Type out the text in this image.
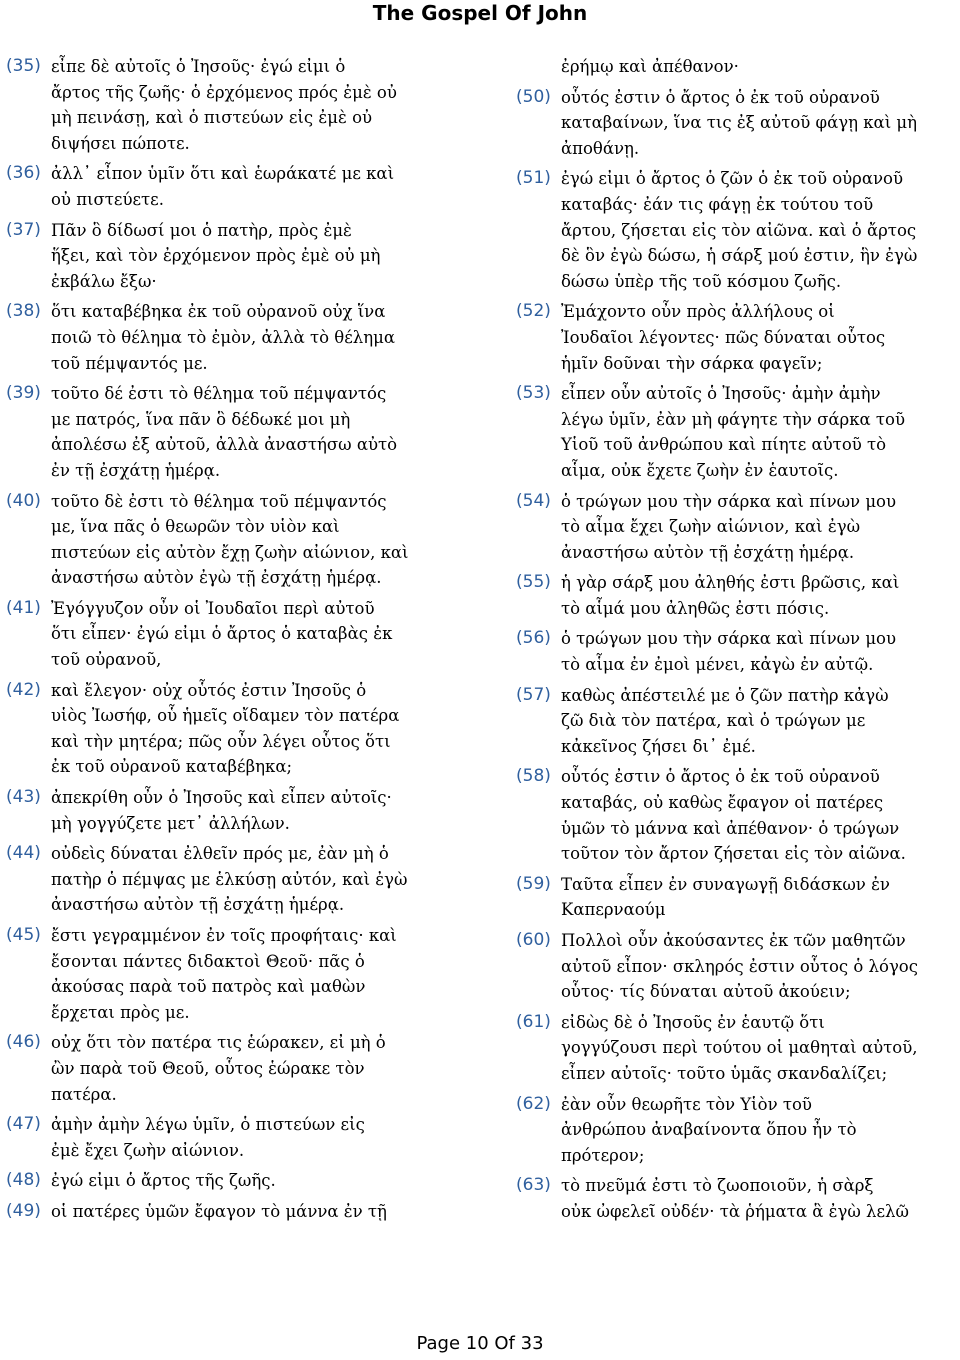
The Gospel Of John
(35) εἶπε δὲ αὐτοῖς ὁ Ἰησοῦς· ἐγώ εἰμι ὁ
ἄρτος τῆς ζωῆς· ὁ ἐρχόμενος πρός ἐμὲ οὐ
μὴ πεινάσῃ, καὶ ὁ πιστεύων εἰς ἐμὲ οὐ
διψήσει πώποτε.
(36) ἀλλ᾽ εἶπον ὑμῖν ὅτι καὶ ἑωράκατέ με καὶ
οὐ πιστεύετε.
(37) Πᾶν ὃ δίδωσί μοι ὁ πατὴρ, πρὸς ἐμὲ
ἥξει, καὶ τὸν ἐρχόμενον πρὸς ἐμὲ οὐ μὴ
ἐκβάλω ἔξω·
(38) ὅτι καταβέβηκα ἐκ τοῦ οὐρανοῦ οὐχ ἵνα
ποιῶ τὸ θέλημα τὸ ἐμὸν, ἀλλὰ τὸ θέλημα
τοῦ πέμψαντός με.
(39) τοῦτο δέ ἐστι τὸ θέλημα τοῦ πέμψαντός
με πατρός, ἵνα πᾶν ὃ δέδωκέ μοι μὴ
ἀπολέσω ἐξ αὐτοῦ, ἀλλὰ ἀναστήσω αὐτὸ
ἐν τῇ ἐσχάτῃ ἡμέρᾳ.
(40) τοῦτο δὲ ἐστι τὸ θέλημα τοῦ πέμψαντός
με, ἵνα πᾶς ὁ θεωρῶν τὸν υἱὸν καὶ
πιστεύων εἰς αὐτὸν ἔχῃ ζωὴν αἰώνιον, καὶ
ἀναστήσω αὐτὸν ἐγὼ τῇ ἐσχάτῃ ἡμέρᾳ.
(41) Ἐγόγγυζον οὖν οἱ Ἰουδαῖοι περὶ αὐτοῦ
ὅτι εἶπεν· ἐγώ εἰμι ὁ ἄρτος ὁ καταβὰς ἐκ
τοῦ οὐρανοῦ,
(42) καὶ ἔλεγον· οὐχ οὗτός ἐστιν Ἰησοῦς ὁ
υἱὸς Ἰωσήφ, οὗ ἡμεῖς οἴδαμεν τὸν πατέρα
καὶ τὴν μητέρα; πῶς οὖν λέγει οὗτος ὅτι
ἐκ τοῦ οὐρανοῦ καταβέβηκα;
(43) ἀπεκρίθη οὖν ὁ Ἰησοῦς καὶ εἶπεν αὐτοῖς·
μὴ γογγύζετε μετ᾽ ἀλλήλων.
(44) οὐδεὶς δύναται ἐλθεῖν πρός με, ἐὰν μὴ ὁ
πατὴρ ὁ πέμψας με ἑλκύσῃ αὐτόν, καὶ ἐγὼ
ἀναστήσω αὐτὸν τῇ ἐσχάτῃ ἡμέρᾳ.
(45) ἔστι γεγραμμένον ἐν τοῖς προφήταις· καὶ
ἔσονται πάντες διδακτοὶ Θεοῦ· πᾶς ὁ
ἀκούσας παρὰ τοῦ πατρὸς καὶ μαθὼν
ἔρχεται πρὸς με.
(46) οὐχ ὅτι τὸν πατέρα τις ἑώρακεν, εἰ μὴ ὁ
ὢν παρὰ τοῦ Θεοῦ, οὗτος ἑώρακε τὸν
πατέρα.
(47) ἀμὴν ἀμὴν λέγω ὑμῖν, ὁ πιστεύων εἰς
ἐμὲ ἔχει ζωὴν αἰώνιον.
(48) ἐγώ εἰμι ὁ ἄρτος τῆς ζωῆς.
(49) οἱ πατέρες ὑμῶν ἔφαγον τὸ μάννα ἐν τῇ
ἐρήμῳ καὶ ἀπέθανον·
(50) οὗτός ἐστιν ὁ ἄρτος ὁ ἐκ τοῦ οὐρανοῦ
καταβαίνων, ἵνα τις ἐξ αὐτοῦ φάγῃ καὶ μὴ
ἀποθάνῃ.
(51) ἐγώ εἰμι ὁ ἄρτος ὁ ζῶν ὁ ἐκ τοῦ οὐρανοῦ
καταβάς· ἐάν τις φάγῃ ἐκ τούτου τοῦ
ἄρτου, ζήσεται εἰς τὸν αἰῶνα. καὶ ὁ ἄρτος
δὲ ὃν ἐγὼ δώσω, ἡ σάρξ μού ἐστιν, ἣν ἐγὼ
δώσω ὑπὲρ τῆς τοῦ κόσμου ζωῆς.
(52) Ἐμάχοντο οὖν πρὸς ἀλλήλους οἱ
Ἰουδαῖοι λέγοντες· πῶς δύναται οὗτος
ἡμῖν δοῦναι τὴν σάρκα φαγεῖν;
(53) εἶπεν οὖν αὐτοῖς ὁ Ἰησοῦς· ἀμὴν ἀμὴν
λέγω ὑμῖν, ἐὰν μὴ φάγητε τὴν σάρκα τοῦ
Υἱοῦ τοῦ ἀνθρώπου καὶ πίητε αὐτοῦ τὸ
αἷμα, οὐκ ἔχετε ζωὴν ἐν ἑαυτοῖς.
(54) ὁ τρώγων μου τὴν σάρκα καὶ πίνων μου
τὸ αἷμα ἔχει ζωὴν αἰώνιον, καὶ ἐγὼ
ἀναστήσω αὐτὸν τῇ ἐσχάτῃ ἡμέρᾳ.
(55) ἡ γὰρ σάρξ μου ἀληθής ἐστι βρῶσις, καὶ
τὸ αἷμά μου ἀληθῶς ἐστι πόσις.
(56) ὁ τρώγων μου τὴν σάρκα καὶ πίνων μου
τὸ αἷμα ἐν ἐμοὶ μένει, κἀγὼ ἐν αὐτῷ.
(57) καθὼς ἀπέστειλέ με ὁ ζῶν πατὴρ κἀγὼ
ζῶ διὰ τὸν πατέρα, καὶ ὁ τρώγων με
κἀκεῖνος ζήσει δι᾽ ἐμέ.
(58) οὗτός ἐστιν ὁ ἄρτος ὁ ἐκ τοῦ οὐρανοῦ
καταβάς, οὐ καθὼς ἔφαγον οἱ πατέρες
ὑμῶν τὸ μάννα καὶ ἀπέθανον· ὁ τρώγων
τοῦτον τὸν ἄρτον ζήσεται εἰς τὸν αἰῶνα.
(59) Ταῦτα εἶπεν ἐν συναγωγῇ διδάσκων ἐν
Καπερναούμ
(60) Πολλοὶ οὖν ἀκούσαντες ἐκ τῶν μαθητῶν
αὐτοῦ εἶπον· σκληρός ἐστιν οὗτος ὁ λόγος
οὗτος· τίς δύναται αὐτοῦ ἀκούειν;
(61) εἰδὼς δὲ ὁ Ἰησοῦς ἐν ἑαυτῷ ὅτι
γογγύζουσι περὶ τούτου οἱ μαθηταὶ αὐτοῦ,
εἶπεν αὐτοῖς· τοῦτο ὑμᾶς σκανδαλίζει;
(62) ἐὰν οὖν θεωρῆτε τὸν Υἱὸν τοῦ
ἀνθρώπου ἀναβαίνοντα ὅπου ἦν τὸ
πρότερον;
(63) τὸ πνεῦμά ἐστι τὸ ζωοποιοῦν, ἡ σὰρξ
οὐκ ὠφελεῖ οὐδέν· τὰ ῥήματα ἃ ἐγὼ λελῶ
Page 10 Of 33
